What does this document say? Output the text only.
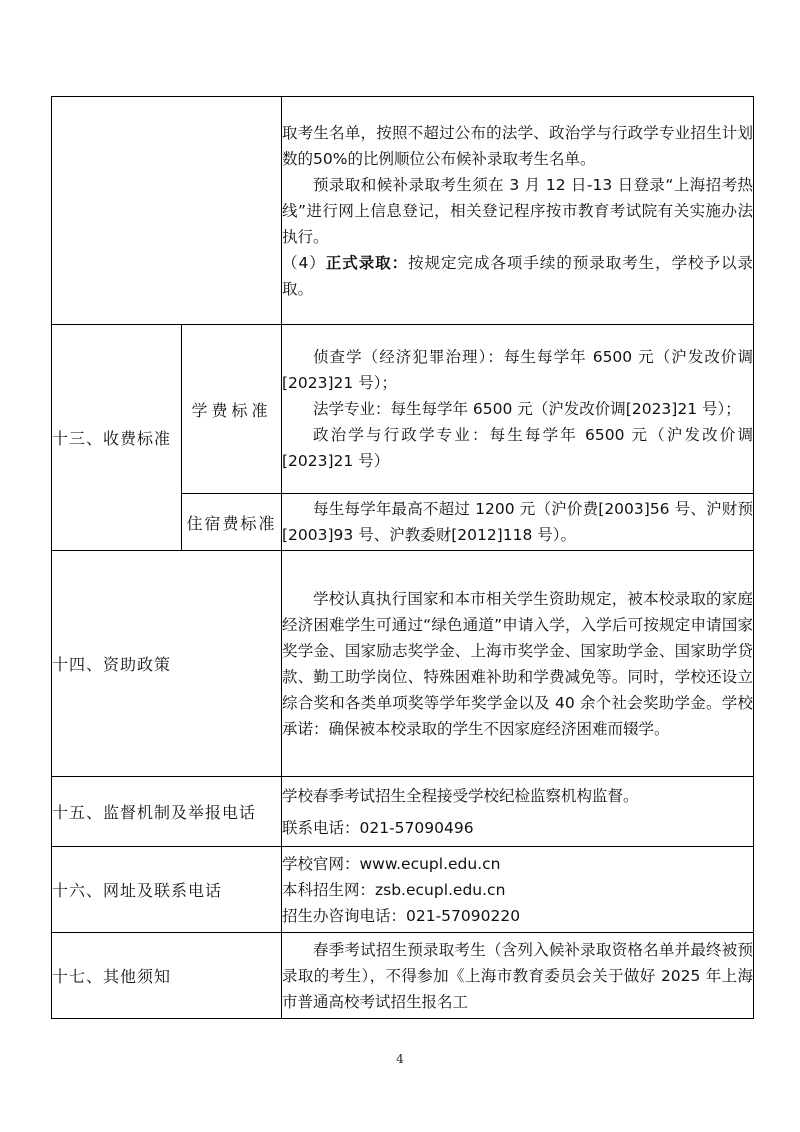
		取考生名单，按照不超过公布的法学、政治学与行政学专业招生计划数的50%的比例顺位公布候补录取考生名单。

预录取和候补录取考生须在 3 月 12 日-13 日登录“上海招考热线”进行网上信息登记，相关登记程序按市教育考试院有关实施办法执行。

（4）正式录取：按规定完成各项手续的预录取考生，学校予以录取。

十三、收费标准	学费标准	侦查学（经济犯罪治理）：每生每学年 6500 元（沪发改价调[2023]21 号）；

法学专业：每生每学年 6500 元（沪发改价调[2023]21 号）；

政治学与行政学专业：每生每学年 6500 元（沪发改价调[2023]21 号）

	住宿费标准	每生每学年最高不超过 1200 元（沪价费[2003]56 号、沪财预[2003]93 号、沪教委财[2012]118 号）。

十四、资助政策		学校认真执行国家和本市相关学生资助规定，被本校录取的家庭经济困难学生可通过“绿色通道”申请入学，入学后可按规定申请国家奖学金、国家励志奖学金、上海市奖学金、国家助学金、国家助学贷款、勤工助学岗位、特殊困难补助和学费减免等。同时，学校还设立综合奖和各类单项奖等学年奖学金以及 40 余个社会奖助学金。学校承诺：确保被本校录取的学生不因家庭经济困难而辍学。

十五、监督机制及举报电话		学校春季考试招生全程接受学校纪检监察机构监督。

联系电话：021-57090496

十六、网址及联系电话		学校官网：www.ecupl.edu.cn

本科招生网：zsb.ecupl.edu.cn

招生办咨询电话：021-57090220

十七、其他须知		春季考试招生预录取考生（含列入候补录取资格名单并最终被预录取的考生），不得参加《上海市教育委员会关于做好 2025 年上海市普通高校考试招生报名工

4
